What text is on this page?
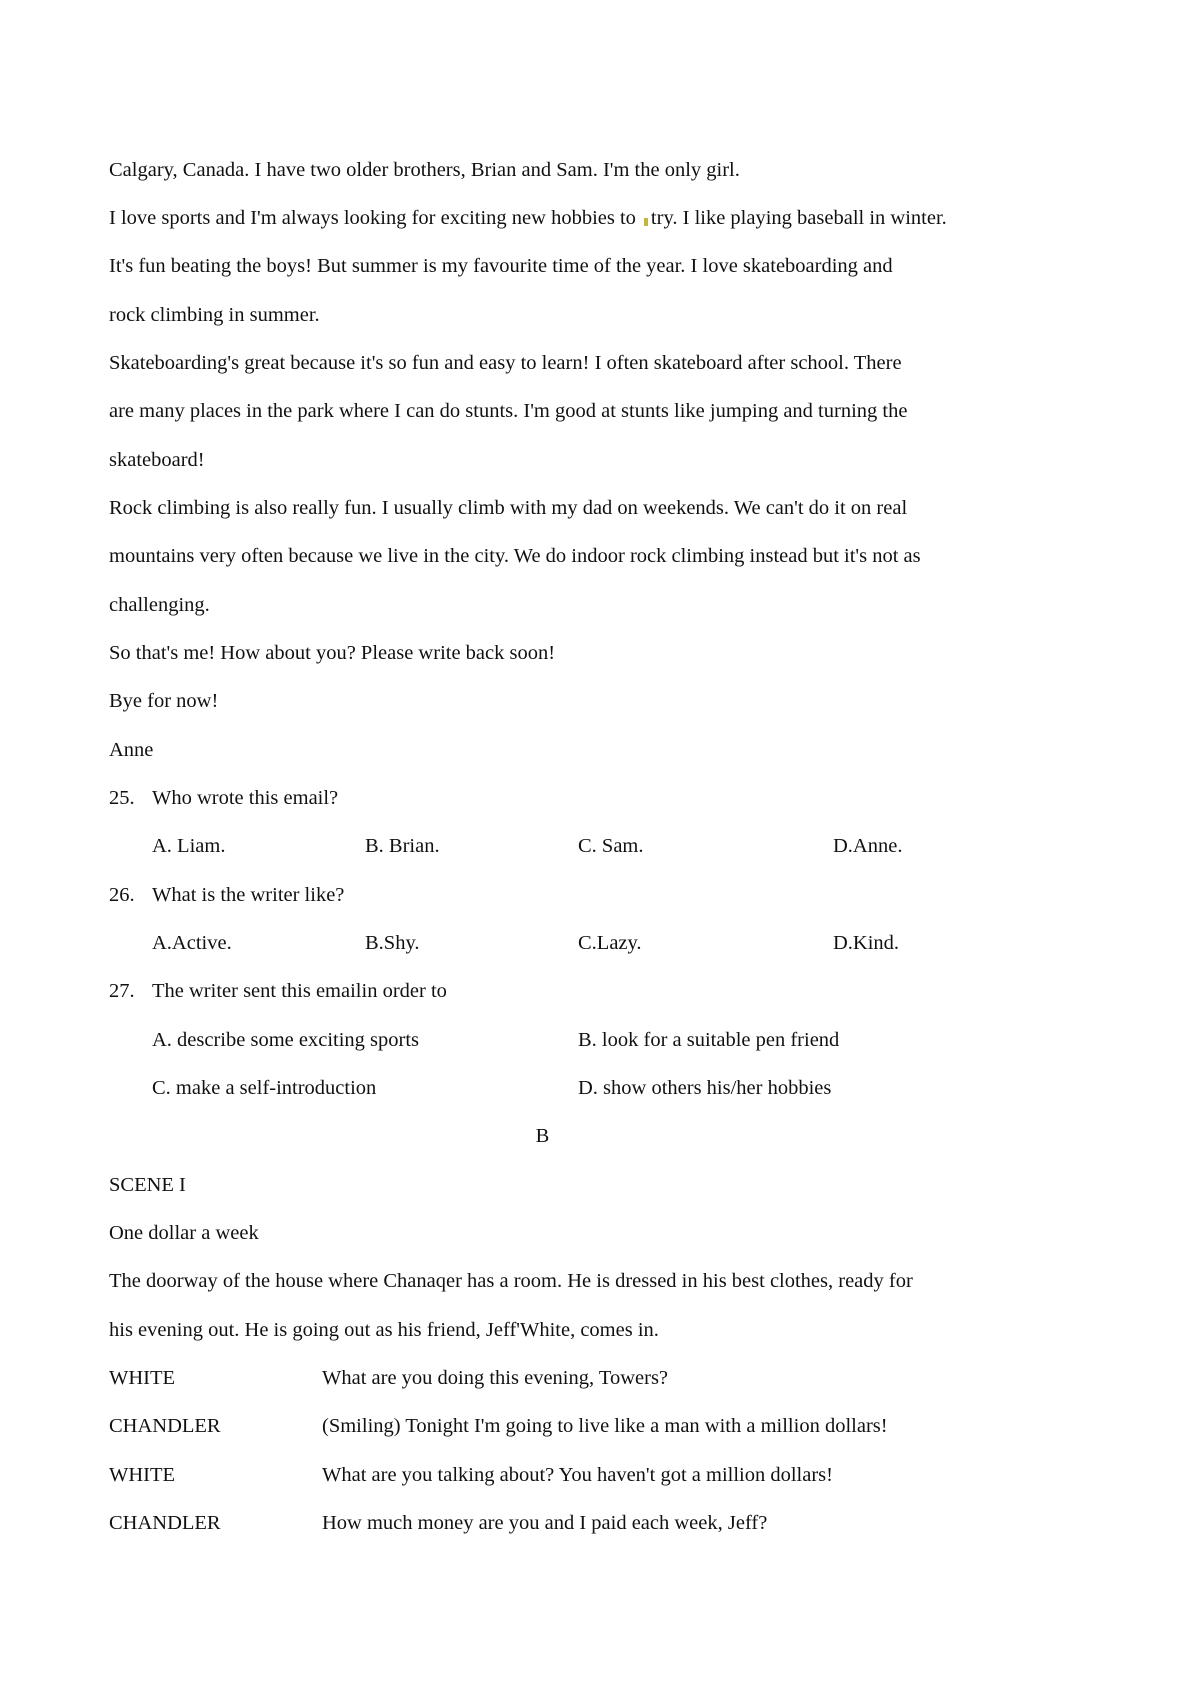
Calgary, Canada. I have two older brothers, Brian and Sam. I'm the only girl.
I love sports and I'm always looking for exciting new hobbies to try. I like playing baseball in winter.
It's fun beating the boys! But summer is my favourite time of the year. I love skateboarding and
rock climbing in summer.
Skateboarding's great because it's so fun and easy to learn! I often skateboard after school. There
are many places in the park where I can do stunts. I'm good at stunts like jumping and turning the
skateboard!
Rock climbing is also really fun. I usually climb with my dad on weekends. We can't do it on real
mountains very often because we live in the city. We do indoor rock climbing instead but it's not as
challenging.
So that's me! How about you? Please write back soon!
Bye for now!
Anne
25. Who wrote this email?
A. Liam.	B. Brian.	C. Sam.	D.Anne.
26. What is the writer like?
A.Active.	B.Shy.	C.Lazy.	D.Kind.
27. The writer sent this emailin order to
A. describe some exciting sports	B. look for a suitable pen friend
C. make a self-introduction	D. show others his/her hobbies
B
SCENE I
One dollar a week
The doorway of the house where Chanaqer has a room. He is dressed in his best clothes, ready for
his evening out. He is going out as his friend, Jeff'White, comes in.
WHITE	What are you doing this evening, Towers?
CHANDLER	(Smiling) Tonight I'm going to live like a man with a million dollars!
WHITE	What are you talking about? You haven't got a million dollars!
CHANDLER	How much money are you and I paid each week, Jeff?
